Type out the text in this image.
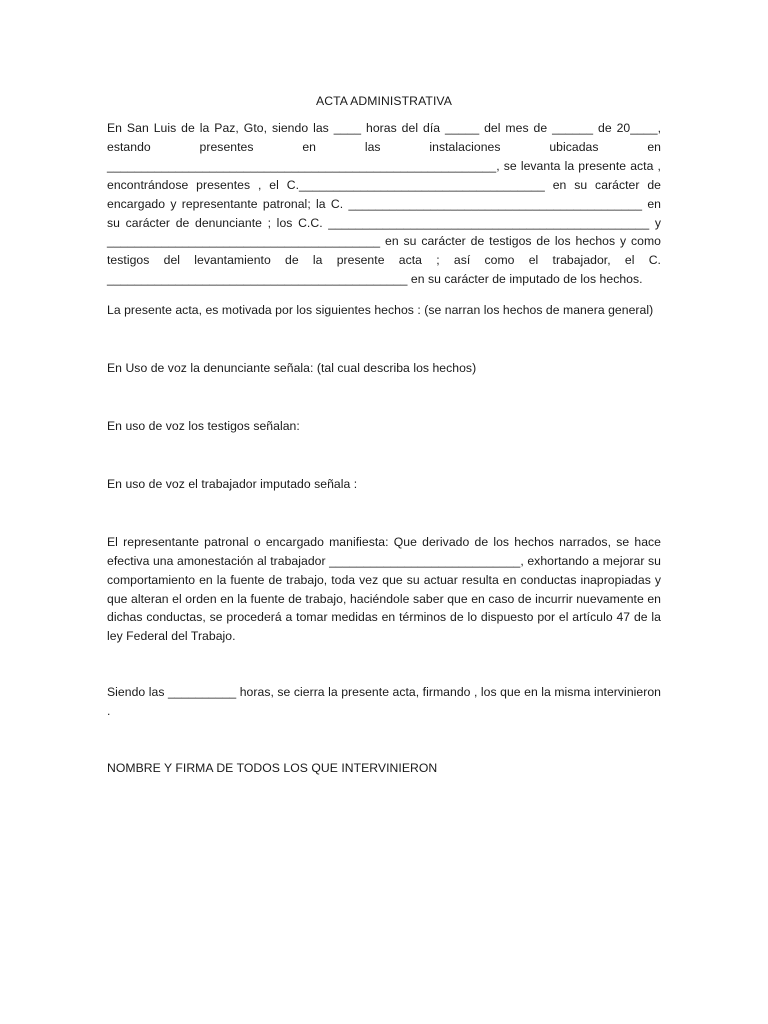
ACTA ADMINISTRATIVA

En San Luis de la Paz, Gto, siendo las ____ horas del día _____ del mes de ______ de 20____, estando presentes en las instalaciones ubicadas en _________________________________________________________, se levanta la presente acta , encontrándose presentes , el C.____________________________________ en su carácter de encargado y representante patronal; la C. ___________________________________________ en su carácter de denunciante ; los C.C. _______________________________________________ y ________________________________________ en su carácter de testigos de los hechos y como testigos del levantamiento de la presente acta ; así como el trabajador, el C. ____________________________________________ en su carácter de imputado de los hechos.

La presente acta, es motivada por los siguientes hechos : (se narran los hechos de manera general)

En Uso de voz la denunciante señala: (tal cual describa los hechos)

En uso de voz los testigos señalan:

En uso de voz el trabajador imputado señala :

El representante patronal o encargado manifiesta: Que derivado de los hechos narrados, se hace efectiva una amonestación al trabajador ____________________________, exhortando a mejorar su comportamiento en la fuente de trabajo, toda vez que su actuar resulta en conductas inapropiadas y que alteran el orden en la fuente de trabajo, haciéndole saber que en caso de incurrir nuevamente en dichas conductas, se procederá a tomar medidas en términos de lo dispuesto por el artículo 47 de la ley Federal del Trabajo.

Siendo las __________ horas, se cierra la presente acta, firmando , los que en la misma intervinieron .

NOMBRE Y FIRMA DE TODOS LOS QUE INTERVINIERON
